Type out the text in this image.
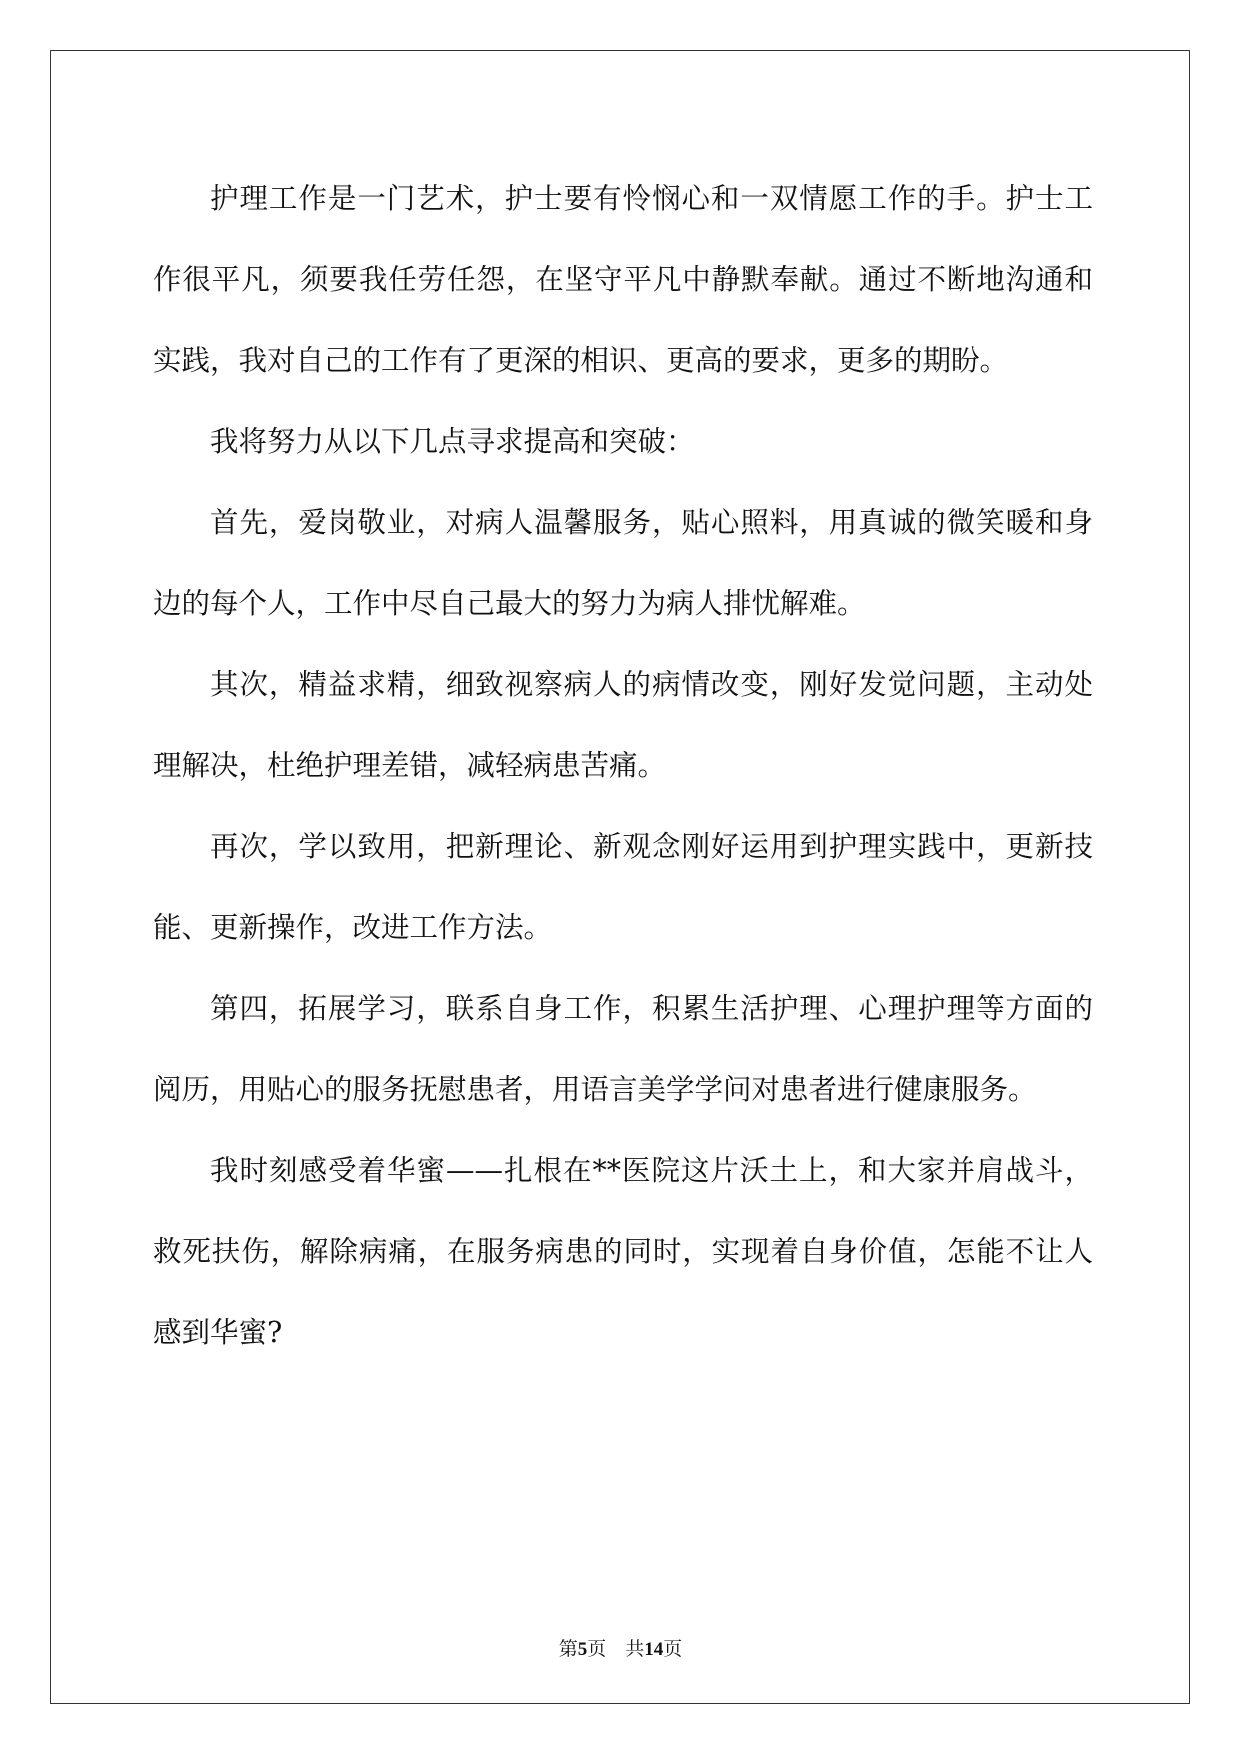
护理工作是一门艺术，护士要有怜悯心和一双情愿工作的手。护士工作很平凡，须要我任劳任怨，在坚守平凡中静默奉献。通过不断地沟通和实践，我对自己的工作有了更深的相识、更高的要求，更多的期盼。

我将努力从以下几点寻求提高和突破：

首先，爱岗敬业，对病人温馨服务，贴心照料，用真诚的微笑暖和身边的每个人，工作中尽自己最大的努力为病人排忧解难。

其次，精益求精，细致视察病人的病情改变，刚好发觉问题，主动处理解决，杜绝护理差错，减轻病患苦痛。

再次，学以致用，把新理论、新观念刚好运用到护理实践中，更新技能、更新操作，改进工作方法。

第四，拓展学习，联系自身工作，积累生活护理、心理护理等方面的阅历，用贴心的服务抚慰患者，用语言美学学问对患者进行健康服务。

我时刻感受着华蜜——扎根在**医院这片沃土上，和大家并肩战斗，救死扶伤，解除病痛，在服务病患的同时，实现着自身价值，怎能不让人感到华蜜?

第5页 共14页
